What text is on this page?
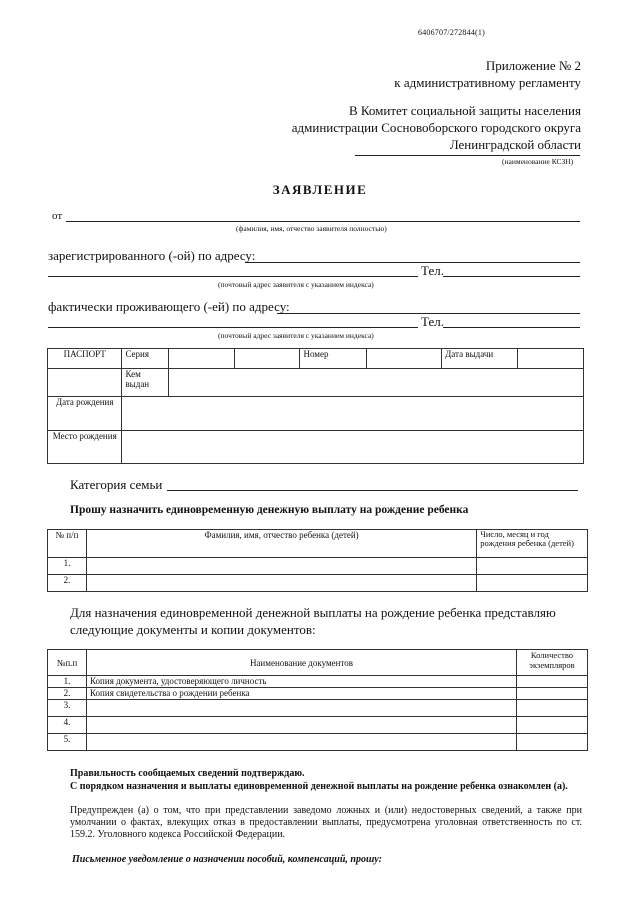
6406707/272844(1)
Приложение № 2
к административному регламенту
В Комитет социальной защиты населения
администрации Сосновоборского городского округа
Ленинградской области
(наименование КСЗН)
ЗАЯВЛЕНИЕ
от
(фамилия, имя, отчество заявителя полностью)
зарегистрированного (-ой) по адресу:
Тел.
(почтовый адрес заявителя с указанием индекса)
фактически проживающего (-ей) по адресу:
Тел.
(почтовый адрес заявителя с указанием индекса)
ПАСПОРТ	Серия			Номер		Дата выдачи	
	Кем выдан						
Дата рождения							
Место рождения							
Категория семьи
Прошу назначить единовременную денежную выплату на рождение ребенка
№ п/п	Фамилия, имя, отчество ребенка (детей)	Число, месяц и год рождения ребенка (детей)
1.		
2.		
Для назначения единовременной денежной выплаты на рождение ребенка представляю следующие документы и копии документов:
№п.п	Наименование документов	Количество экземпляров
1.	Копия документа, удостоверяющего личность	
2.	Копия свидетельства о рождении ребенка	
3.		
4.		
5.		
Правильность сообщаемых сведений подтверждаю.
С порядком назначения и выплаты единовременной денежной выплаты на рождение ребенка ознакомлен (а).
Предупрежден (а) о том, что при представлении заведомо ложных и (или) недостоверных сведений, а также при умолчании о фактах, влекущих отказ в предоставлении выплаты, предусмотрена уголовная ответственность по ст. 159.2. Уголовного кодекса Российской Федерации.
Письменное уведомление о назначении пособий, компенсаций, прошу:
